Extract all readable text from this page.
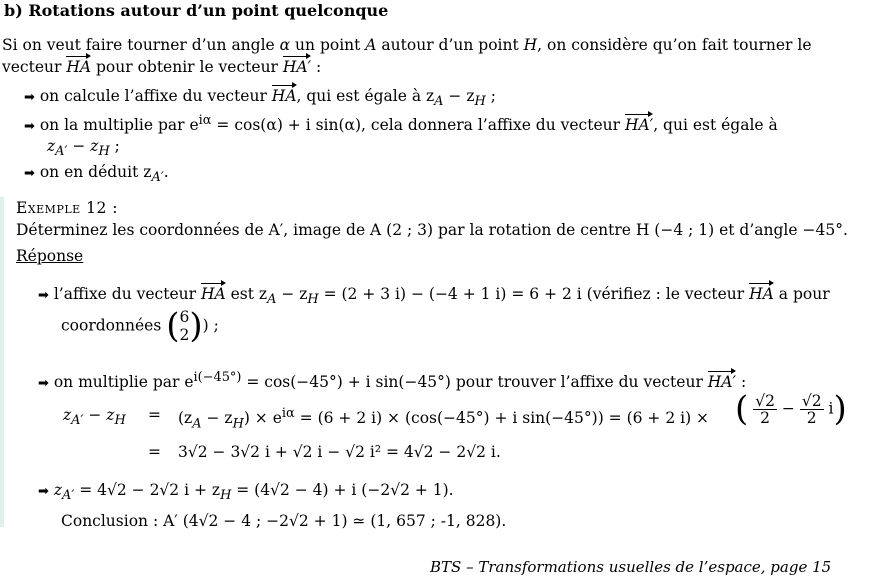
b) Rotations autour d’un point quelconque
Si on veut faire tourner d’un angle α un point A autour d’un point H, on considère qu’on fait tourner le
vecteur HA pour obtenir le vecteur HA′ :
➡ on calcule l’affixe du vecteur HA, qui est égale à $z_A - z_H$ ;
➡ on la multiplie par $e^{i\alpha} = \cos(\alpha) + i$ sin(α), cela donnera l’affixe du vecteur HA′, qui est égale à
$z_{A'} - z_H$ ;
➡ on en déduit $z_{A'}$.
Exemple 12 :
Déterminez les coordonnées de A′, image de A (2 ; 3) par la rotation de centre H (−4 ; 1) et d’angle −45°.
Réponse
➡ l’affixe du vecteur HA est $z_A - z_H = (2 + 3$ i) − (−4 + 1 i) = 6 + 2 i (vérifiez : le vecteur HA a pour
coordonnées ( 6
2 )) ;
➡ on multiplie par $e^{i(-45^\circ)} = \cos(-45^\circ) + i$ sin(−45°) pour trouver l’affixe du vecteur HA′ :
$z_{A'} - z_H = (z_A - z_H) \times e^{i\alpha} = (6 + 2$ i) × (cos(−45°) + i sin(−45°)) = (6 + 2 i) × ( $\frac{√2}{2} - \frac{√2}{2} i$)
= 3√2 − 3√2 i + √2 i − √2 i² = 4√2 − 2√2 i.
➡ $z_{A'} = 4√2 - 2√2$ $i + z_H = (4√2 - 4) + i$ (−2√2 + 1).
Conclusion : A′ (4√2 − 4 ; −2√2 + 1) ≃ (1, 657 ; -1, 828).
BTS – Transformations usuelles de l’espace, page 15
